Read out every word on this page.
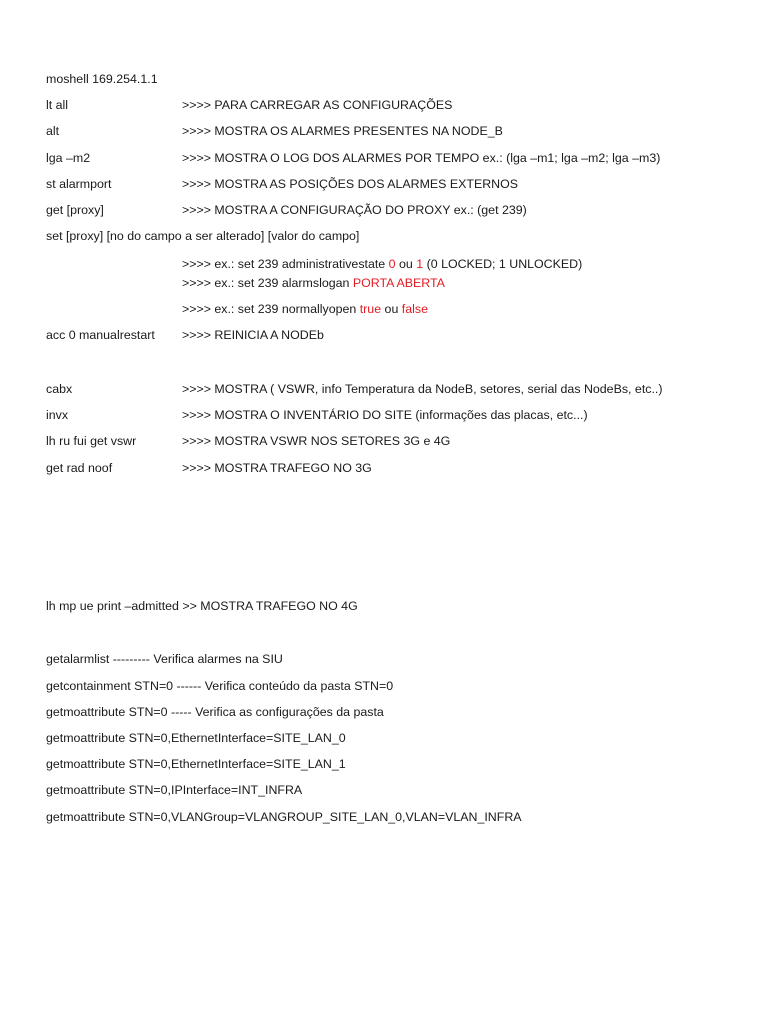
moshell 169.254.1.1
lt all	>>>> PARA CARREGAR AS CONFIGURAÇÕES
alt	>>>> MOSTRA OS ALARMES PRESENTES NA NODE_B
lga –m2	>>>> MOSTRA O LOG DOS ALARMES POR TEMPO ex.: (lga –m1; lga –m2; lga –m3)
st alarmport	>>>> MOSTRA AS POSIÇÕES DOS ALARMES EXTERNOS
get [proxy]	>>>> MOSTRA A CONFIGURAÇÃO DO PROXY ex.: (get 239)
set [proxy] [no do campo a ser alterado] [valor do campo]
>>>> ex.: set 239 administrativestate 0 ou 1 (0 LOCKED; 1 UNLOCKED)
>>>> ex.: set 239 alarmslogan PORTA ABERTA
>>>> ex.: set 239 normallyopen true ou false
acc 0 manualrestart >>>> REINICIA A NODEb
cabx	>>>> MOSTRA ( VSWR, info Temperatura da NodeB, setores, serial das NodeBs, etc..)
invx	>>>> MOSTRA O INVENTÁRIO DO SITE (informações das placas, etc...)
lh ru fui get vswr	>>>> MOSTRA VSWR NOS SETORES 3G e 4G
get rad noof	>>>> MOSTRA TRAFEGO NO 3G
lh mp ue print –admitted >> MOSTRA TRAFEGO NO 4G
getalarmlist --------- Verifica alarmes na SIU
getcontainment STN=0 ------ Verifica conteúdo da pasta STN=0
getmoattribute STN=0 ----- Verifica as configurações da pasta
getmoattribute STN=0,EthernetInterface=SITE_LAN_0
getmoattribute STN=0,EthernetInterface=SITE_LAN_1
getmoattribute STN=0,IPInterface=INT_INFRA
getmoattribute STN=0,VLANGroup=VLANGROUP_SITE_LAN_0,VLAN=VLAN_INFRA
